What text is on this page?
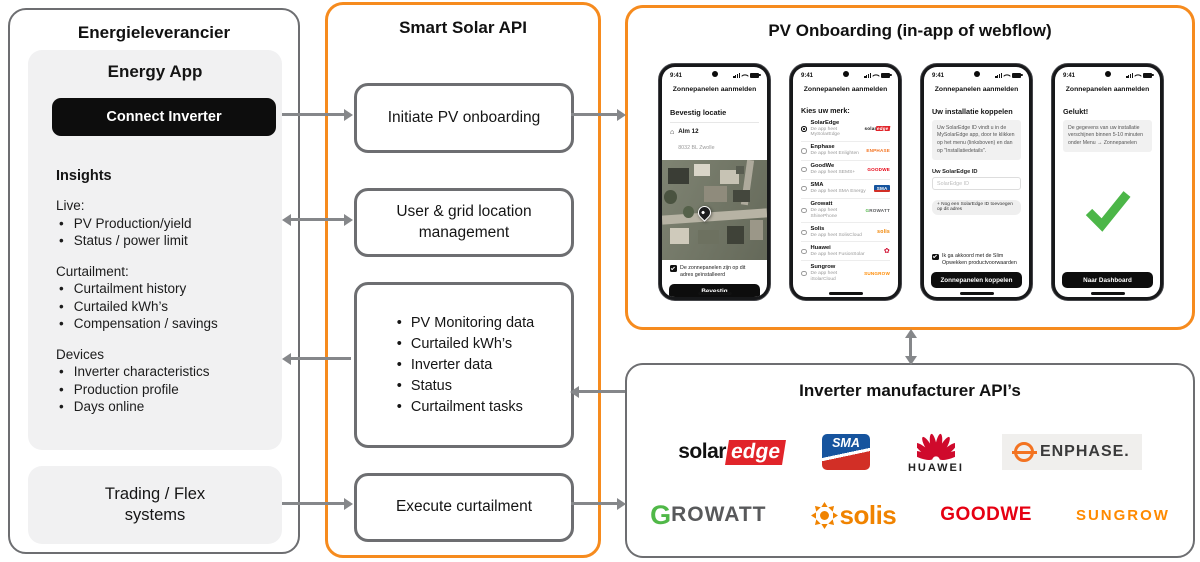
Energieleverancier
Energy App
Connect Inverter
Insights
Live:
• PV Production/yield
• Status / power limit
Curtailment:
• Curtailment history
• Curtailed kWh’s
• Compensation / savings
Devices
• Inverter characteristics
• Production profile
• Days online
Trading / Flex systems
Smart Solar API
Initiate PV onboarding
User & grid location management
• PV Monitoring data
• Curtailed kWh’s
• Inverter data
• Status
• Curtailment tasks
Execute curtailment
PV Onboarding (in-app of webflow)
9:41
Zonnepanelen aanmelden
Bevestig locatie
⌂ Alm 12
8032 BL Zwolle
De zonnepanelen zijn op dit adres geïnstalleerd
9:41
Zonnepanelen aanmelden
Kies uw merk:
SolarEdge
De app heet MySolarEdge
solaredge
Enphase
De app heet Enlighten
ENPHASE
GoodWe
De app heet SEMS+
GOODWE
SMA
De app heet SMA Energy
SMA
Growatt
De app heet ShinePhone
GROWATT
Solis
De app heet SolisCloud
solis
Huawei
De app heet FusionSolar	✿
Sungrow
De app heet iSolarCloud
SUNGROW
9:41
Zonnepanelen aanmelden
Uw installatie koppelen
Uw SolarEdge ID vindt u in de MySolarEdge app, door te klikken op het menu (linksboven) en dan op "Installatiedetails".
Uw SolarEdge ID
SolarEdge ID
+ Nog een SolarEdge ID toevoegen op dit adres
Ik ga akkoord met de Slim Opwekken productvoorwaarden
Zonnepanelen koppelen
9:41
Zonnepanelen aanmelden
Gelukt!
De gegevens van uw installatie verschijnen binnen 5-10 minuten onder Menu → Zonnepanelen
Naar Dashboard
Inverter manufacturer API’s
solar edge	SMA
HUAWEI
ENPHASE.
G ROWATT	solis GOODWE	SUNGROW
